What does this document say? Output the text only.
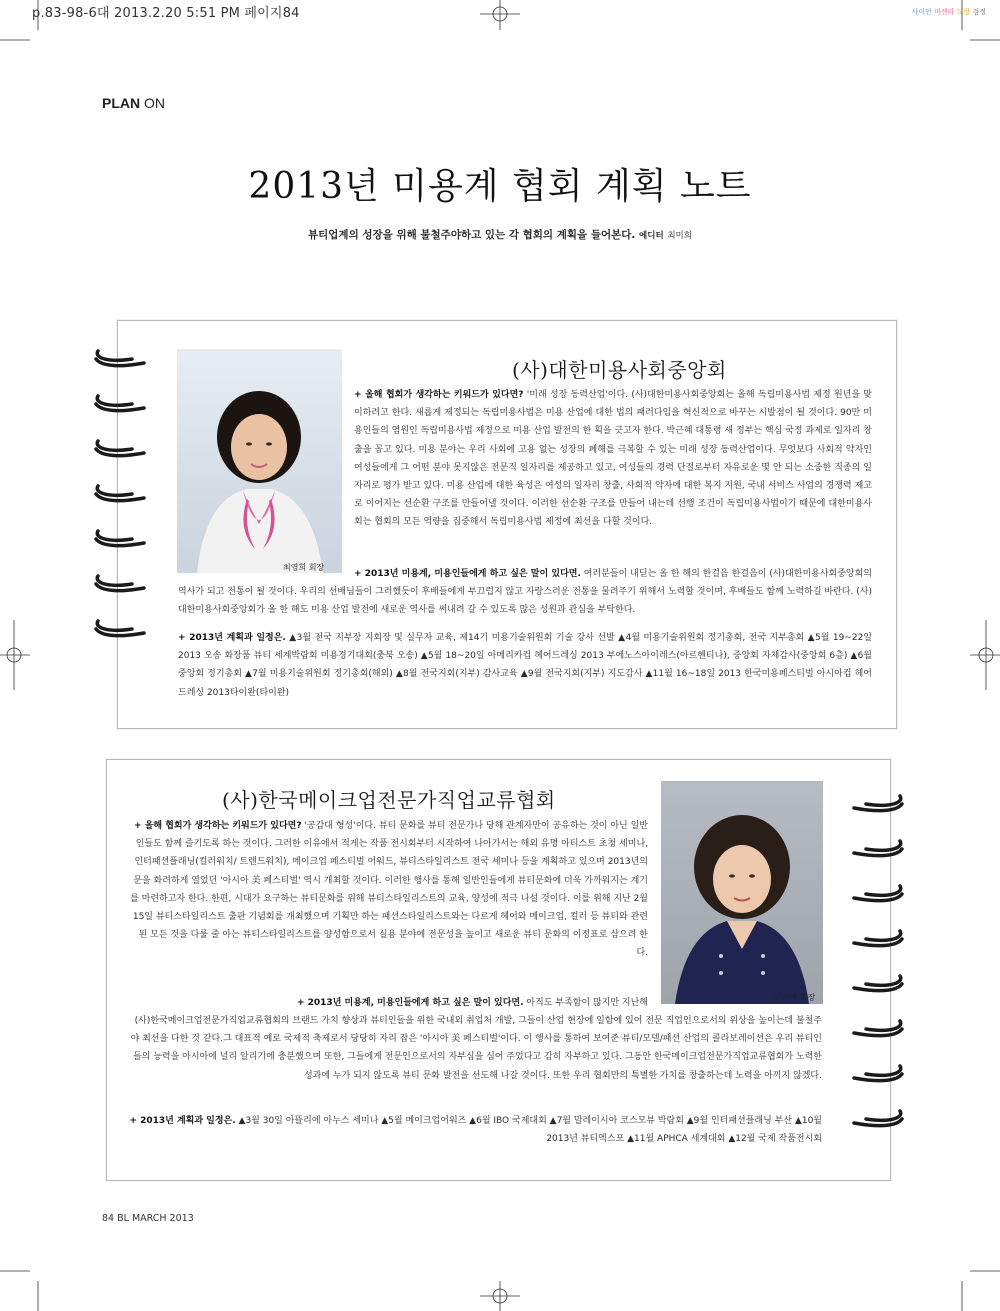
p.83-98-6대 2013.2.20 5:51 PM 페이지84	사이안 마젠타 노랑 검정
PLAN ON
2013년 미용계 협회 계획 노트
뷰티업계의 성장을 위해 불철주야하고 있는 각 협회의 계획을 들어본다. 에디터 최미희
최영희 회장
(사)대한미용사회중앙회
+ 올해 협회가 생각하는 키워드가 있다면? '미래 성장 동력산업'이다. (사)대한미용사회중앙회는 올해 독립미용사법 제정 원년을 맞이하려고 한다. 새롭게 제정되는 독립미용사법은 미용 산업에 대한 법의 패러다임을 혁신적으로 바꾸는 시발점이 될 것이다. 90만 미용인들의 염원인 독립미용사법 제정으로 미용 산업 발전의 한 획을 긋고자 한다. 박근혜 대통령 새 정부는 핵심 국정 과제로 일자리 창출을 꼽고 있다. 미용 분야는 우리 사회에 고용 없는 성장의 폐해를 극복할 수 있는 미래 성장 동력산업이다. 무엇보다 사회적 약자인 여성들에게 그 어떤 분야 못지않은 전문직 일자리를 제공하고 있고, 여성들의 경력 단절로부터 자유로운 몇 안 되는 소중한 직종의 일자리로 평가 받고 있다. 미용 산업에 대한 육성은 여성의 일자리 창출, 사회적 약자에 대한 복지 지원, 국내 서비스 사업의 경쟁력 제고로 이어지는 선순환 구조를 만들어낼 것이다. 이러한 선순환 구조를 만들어 내는데 선행 조건이 독립미용사법이기 때문에 대한미용사회는 협회의 모든 역량을 집중해서 독립미용사법 제정에 최선을 다할 것이다.
+ 2013년 미용계, 미용인들에게 하고 싶은 말이 있다면. 여러분들이 내딛는 올 한 해의 한걸음 한걸음이 (사)대한미용사회중앙회의 역사가 되고 전통이 될 것이다. 우리의 선배님들이 그러했듯이 후배들에게 부끄럽지 않고 자랑스러운 전통을 물려주기 위해서 노력할 것이며, 후배들도 함께 노력하길 바란다. (사)대한미용사회중앙회가 올 한 해도 미용 산업 발전에 새로운 역사를 써내려 갈 수 있도록 많은 성원과 관심을 부탁한다.
+ 2013년 계획과 일정은. ▲3월 전국 지부장 지회장 및 실무자 교육, 제14기 미용기술위원회 기술 강사 선발 ▲4월 미용기술위원회 정기총회, 전국 지부총회 ▲5월 19~22일 2013 오송 화장품 뷰티 세계박람회 미용경기대회(충북 오송) ▲5월 18~20일 아메리카컵 헤어드레싱 2013 부에노스아이레스(아르헨티나), 중앙회 자체감사(중앙회 6층) ▲6월 중앙회 정기총회 ▲7월 미용기술위원회 정기총회(해외) ▲8월 전국지회(지부) 감사교육 ▲9월 전국지회(지부) 지도감사 ▲11월 16~18일 2013 한국미용페스티벌 아시아컵 헤어드레싱 2013타이완(타이완)
안미려 회장
(사)한국메이크업전문가직업교류협회
+ 올해 협회가 생각하는 키워드가 있다면? '공감대 형성'이다. 뷰티 문화를 뷰티 전문가나 당해 관계자만이 공유하는 것이 아닌 일반인들도 함께 즐기도록 하는 것이다. 그러한 이유에서 적게는 작품 전시회부터 시작하여 나아가서는 해외 유명 아티스트 초청 세미나, 인터패션플래닝(컬러워치/ 트렌드워치), 메이크업 페스티벌 어워드, 뷰티스타일리스트 전국 세미나 등을 계획하고 있으며 2013년의 문을 화려하게 열었던 '아시아 美 페스티벌' 역시 개최할 것이다. 이러한 행사를 통해 일반인들에게 뷰티문화에 더욱 가까워지는 계기를 마련하고자 한다. 한편, 시대가 요구하는 뷰티문화를 위해 뷰티스타일리스트의 교육, 양성에 적극 나설 것이다. 이를 위해 지난 2월 15일 뷰티스타일리스트 출판 기념회를 개최했으며 기획만 하는 패션스타일리스트와는 다르게 헤어와 메이크업, 컬러 등 뷰티와 관련된 모든 것을 다룰 줄 아는 뷰티스타일리스트를 양성함으로서 실용 분야에 전문성을 높이고 새로운 뷰티 문화의 이정표로 삼으려 한다.
+ 2013년 미용계, 미용인들에게 하고 싶은 말이 있다면. 아직도 부족함이 많지만 지난해
(사)한국메이크업전문가직업교류협회의 브랜드 가치 향상과 뷰티인들을 위한 국내외 취업처 개발, 그들이 산업 현장에 일함에 있어 전문 직업인으로서의 위상을 높이는데 불철주야 최선을 다한 것 같다.그 대표적 예로 국제적 축제로서 당당히 자리 잡은 '아시아 美 페스티벌'이다. 이 행사를 통하여 보여준 뷰티/모델/패션 산업의 콜라보레이션은 우리 뷰티인들의 능력을 아시아에 널리 알리기에 충분했으며 또한, 그들에게 전문인으로서의 자부심을 심어 주었다고 감히 자부하고 있다. 그동안 한국메이크업전문가직업교류협회가 노력한 성과에 누가 되지 않도록 뷰티 문화 발전을 선도해 나갈 것이다. 또한 우리 협회만의 특별한 가치를 창출하는데 노력을 아끼지 않겠다.
+ 2013년 계획과 일정은. ▲3월 30일 아뜰리에 아누스 세미나 ▲5월 메이크업어워즈 ▲6월 IBO 국제대회 ▲7월 말레이시아 코스모뷰 박람회 ▲9월 인터패션플래닝 부산 ▲10월 2013년 뷰티엑스포 ▲11월 APHCA 세계대회 ▲12월 국제 작품전시회
84 BL MARCH 2013
